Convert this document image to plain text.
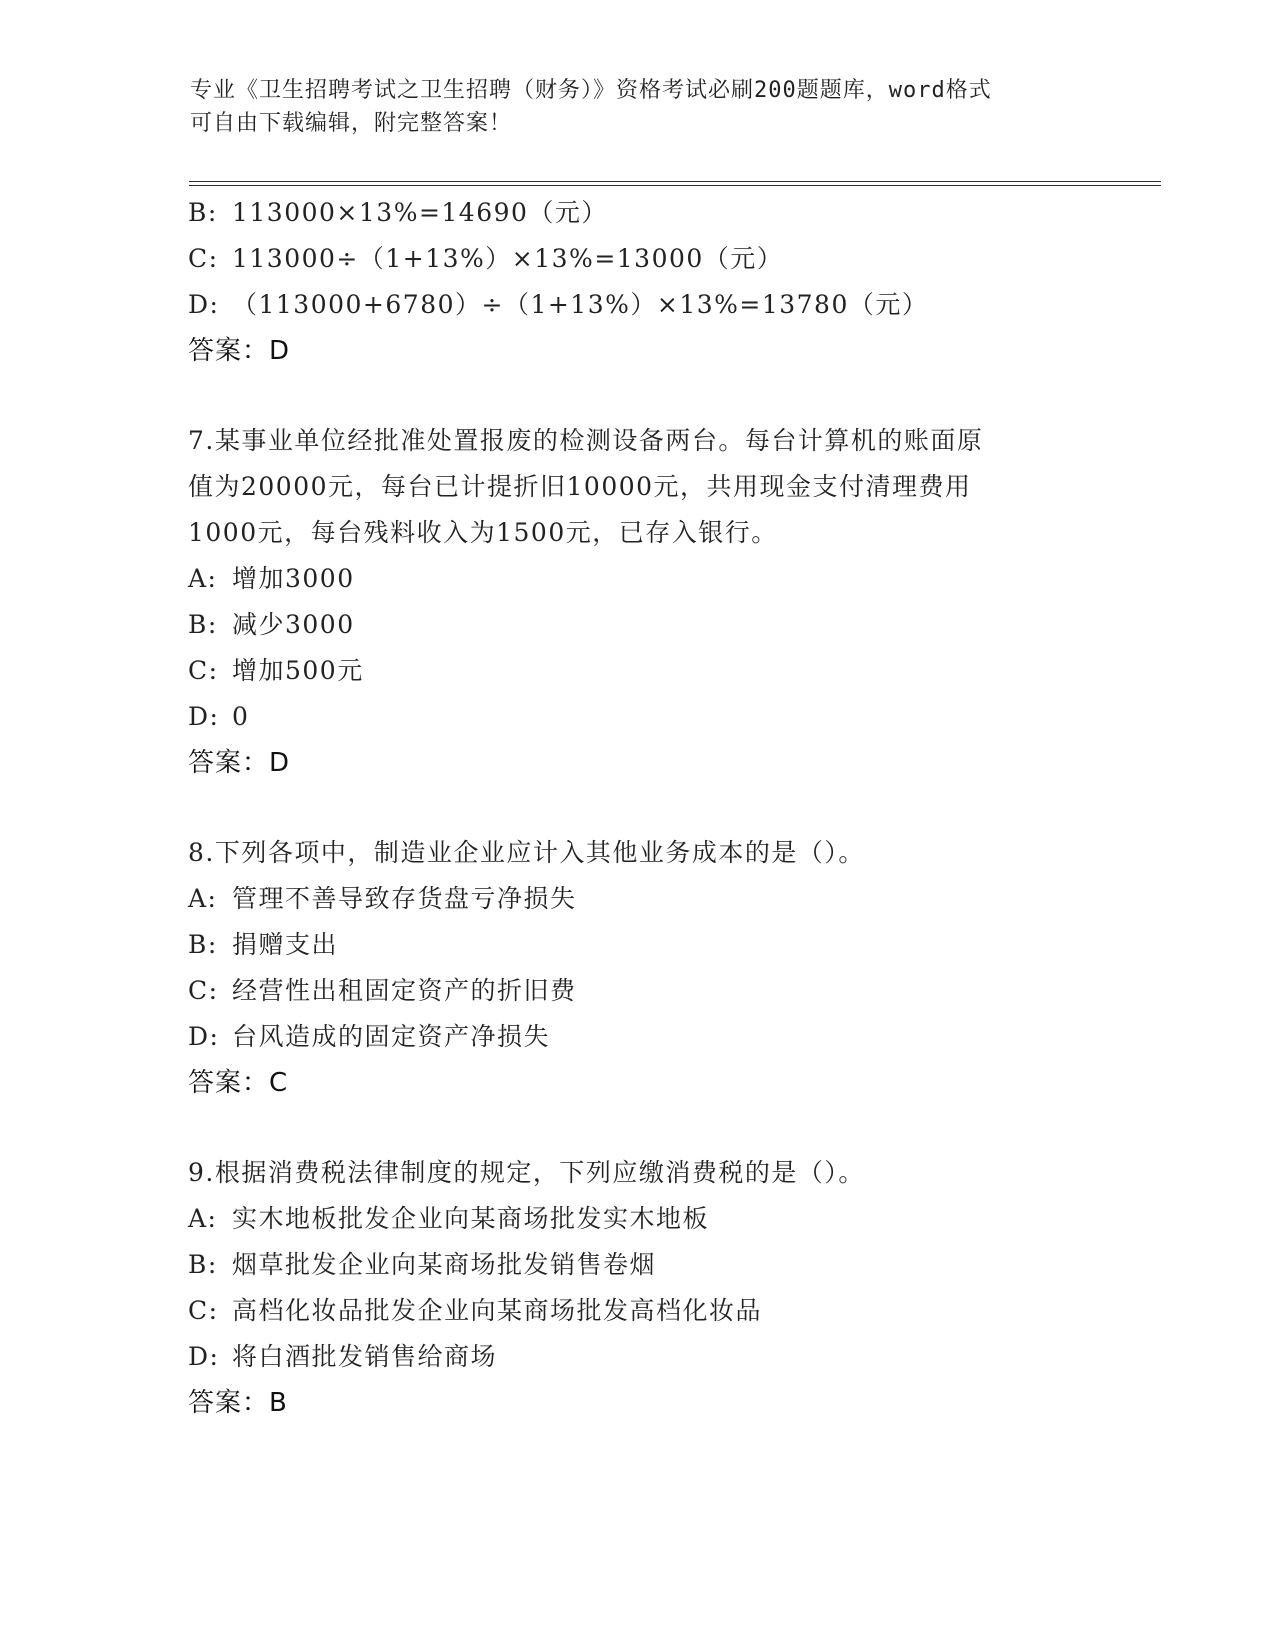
专业《卫生招聘考试之卫生招聘（财务）》资格考试必刷200题题库，word格式
可自由下载编辑，附完整答案！
B: 113000×13%=14690（元）
C: 113000÷（1+13%）×13%=13000（元）
D: （113000+6780）÷（1+13%）×13%=13780（元）
答案：D
7.某事业单位经批准处置报废的检测设备两台。每台计算机的账面原
值为20000元，每台已计提折旧10000元，共用现金支付清理费用
1000元，每台残料收入为1500元，已存入银行。
A: 增加3000
B: 减少3000
C: 增加500元
D: 0
答案：D
8.下列各项中，制造业企业应计入其他业务成本的是（）。
A: 管理不善导致存货盘亏净损失
B: 捐赠支出
C: 经营性出租固定资产的折旧费
D: 台风造成的固定资产净损失
答案：C
9.根据消费税法律制度的规定，下列应缴消费税的是（）。
A: 实木地板批发企业向某商场批发实木地板
B: 烟草批发企业向某商场批发销售卷烟
C: 高档化妆品批发企业向某商场批发高档化妆品
D: 将白酒批发销售给商场
答案：B
